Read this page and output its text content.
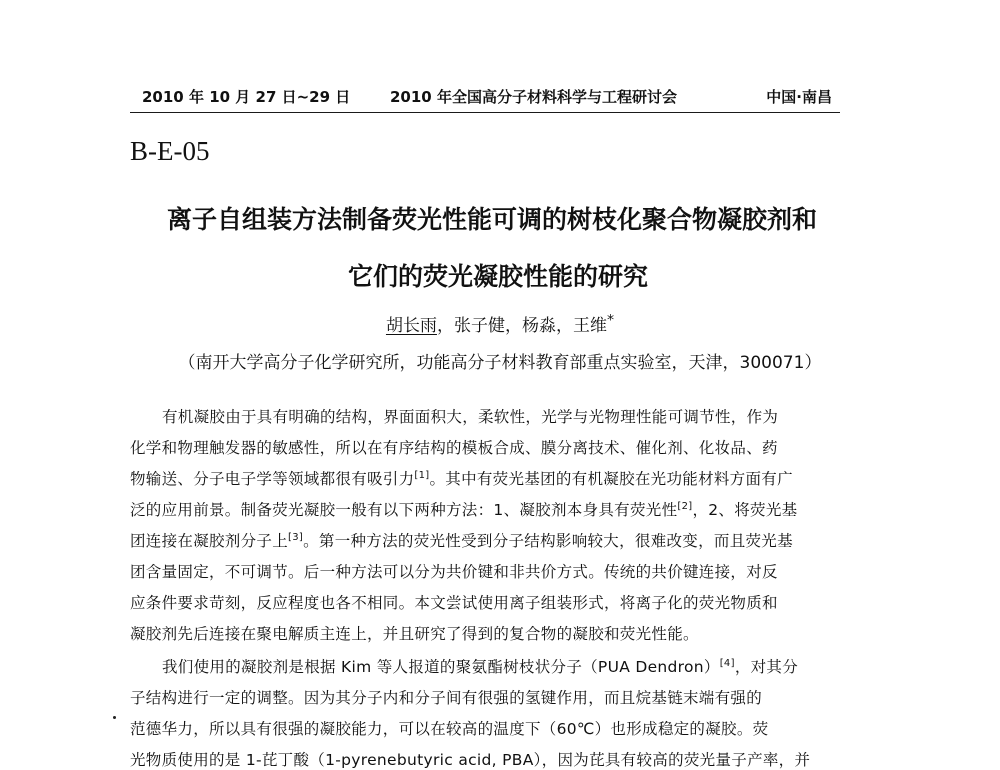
2010 年 10 月 27 日~29 日	2010 年全国高分子材料科学与工程研讨会	中国·南昌
B-E-05
离子自组装方法制备荧光性能可调的树枝化聚合物凝胶剂和
它们的荧光凝胶性能的研究
胡长雨，张子健，杨淼，王维*
（南开大学高分子化学研究所，功能高分子材料教育部重点实验室，天津，300071）
有机凝胶由于具有明确的结构，界面面积大，柔软性，光学与光物理性能可调节性，作为
化学和物理触发器的敏感性，所以在有序结构的模板合成、膜分离技术、催化剂、化妆品、药
物输送、分子电子学等领域都很有吸引力[1]。其中有荧光基团的有机凝胶在光功能材料方面有广
泛的应用前景。制备荧光凝胶一般有以下两种方法：1、凝胶剂本身具有荧光性[2]，2、将荧光基
团连接在凝胶剂分子上[3]。第一种方法的荧光性受到分子结构影响较大，很难改变，而且荧光基
团含量固定，不可调节。后一种方法可以分为共价键和非共价方式。传统的共价键连接，对反
应条件要求苛刻，反应程度也各不相同。本文尝试使用离子组装形式，将离子化的荧光物质和
凝胶剂先后连接在聚电解质主连上，并且研究了得到的复合物的凝胶和荧光性能。
我们使用的凝胶剂是根据 Kim 等人报道的聚氨酯树枝状分子（PUA Dendron）[4]，对其分
子结构进行一定的调整。因为其分子内和分子间有很强的氢键作用，而且烷基链末端有强的
范德华力，所以具有很强的凝胶能力，可以在较高的温度下（60℃）也形成稳定的凝胶。荧
光物质使用的是 1-芘丁酸（1-pyrenebutyric acid, PBA），因为芘具有较高的荧光量子产率，并
